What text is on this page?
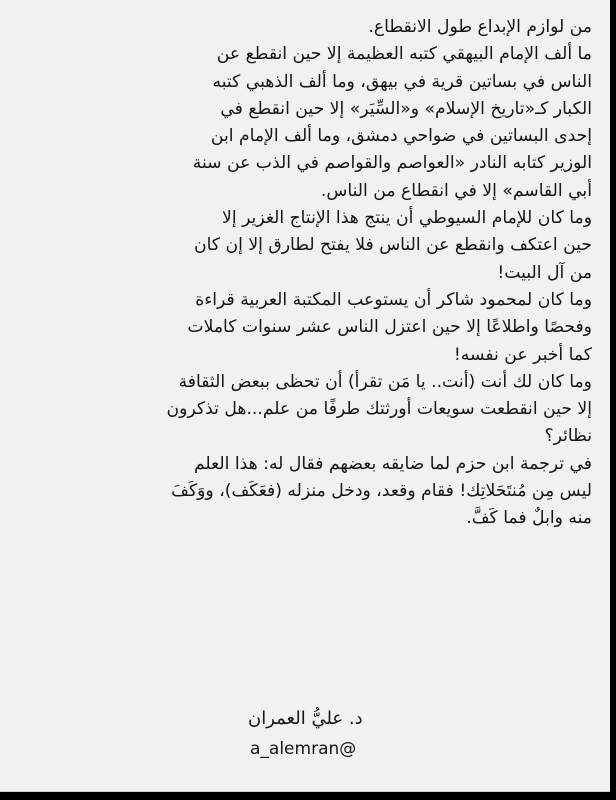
من لوازم الإبداع طول الانقطاع.
ما ألف الإمام البيهقي كتبه العظيمة إلا حين انقطع عن
الناس في بساتين قرية في بيهق، وما ألف الذهبي كتبه
الكبار كـ«تاريخ الإسلام» و«السِّيَر» إلا حين انقطع في
إحدى البساتين في ضواحي دمشق، وما ألف الإمام ابن
الوزير كتابه النادر «العواصم والقواصم في الذب عن سنة
أبي القاسم» إلا في انقطاع من الناس.
وما كان للإمام السيوطي أن ينتج هذا الإنتاج الغزير إلا
حين اعتكف وانقطع عن الناس فلا يفتح لطارق إلا إن كان
من آل البيت!
وما كان لمحمود شاكر أن يستوعب المكتبة العربية قراءة
وفحصًا واطلاعًا إلا حين اعتزل الناس عشر سنوات كاملات
كما أخبر عن نفسه!
وما كان لك أنت (أنت.. يا مَن تقرأ) أن تحظى ببعض الثقافة
إلا حين انقطعت سويعات أورثتك طرفًا من علم...هل تذكرون
نظائر؟
في ترجمة ابن حزم لما ضايقه بعضهم فقال له: هذا العلم
ليس مِن مُنتَحَلاتِك! فقام وقعد، ودخل منزله (فعَكَف)، ووَكَفَ
منه وابلٌ فما كَفَّ.
د. عليُّ العمران
a_alemran@
